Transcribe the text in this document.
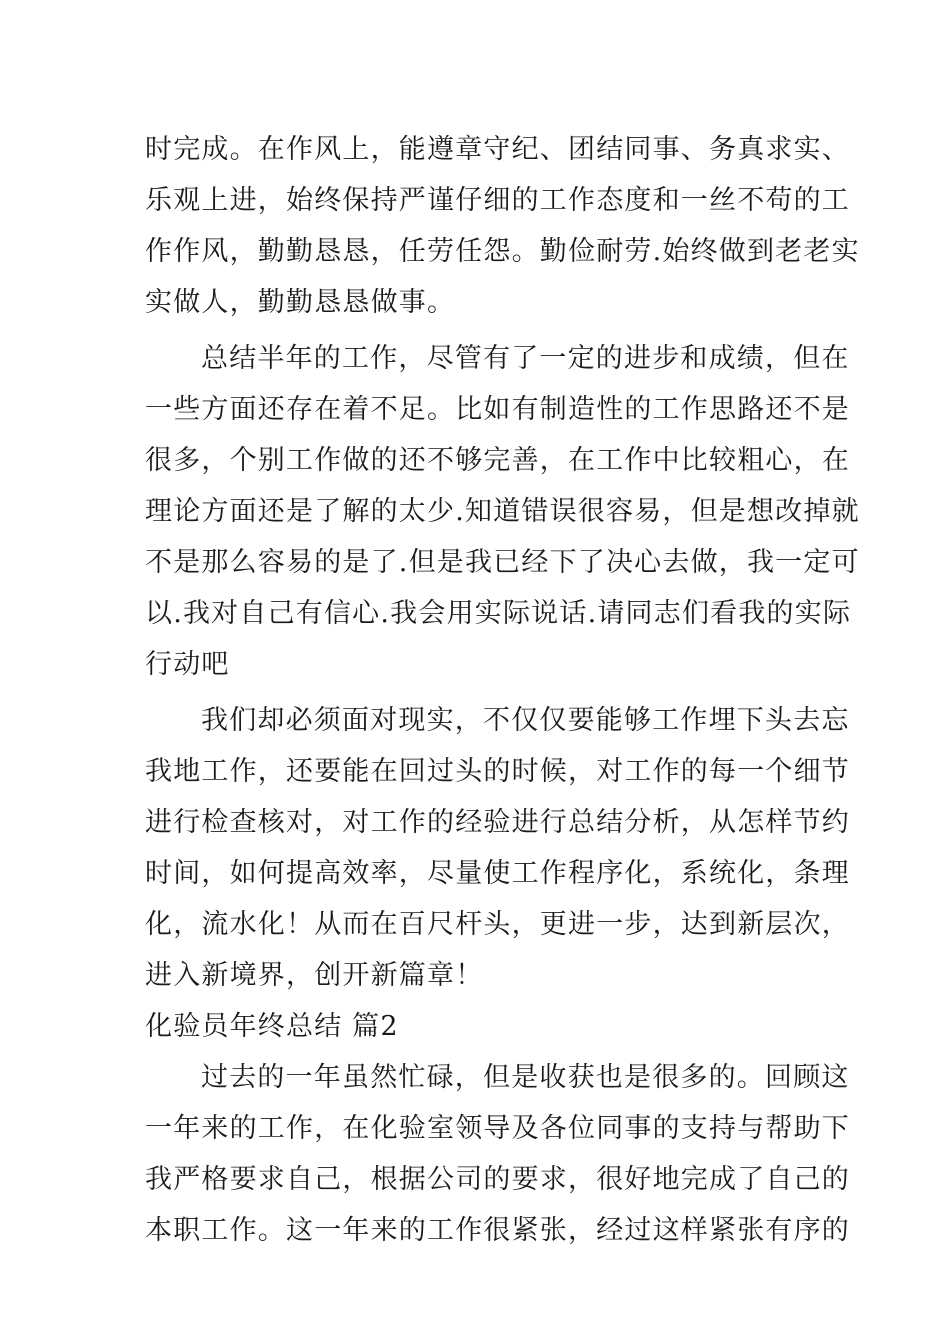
时完成。在作风上，能遵章守纪、团结同事、务真求实、
乐观上进，始终保持严谨仔细的工作态度和一丝不苟的工
作作风，勤勤恳恳，任劳任怨。勤俭耐劳.始终做到老老实
实做人，勤勤恳恳做事。
总结半年的工作，尽管有了一定的进步和成绩，但在
一些方面还存在着不足。比如有制造性的工作思路还不是
很多，个别工作做的还不够完善，在工作中比较粗心，在
理论方面还是了解的太少.知道错误很容易，但是想改掉就
不是那么容易的是了.但是我已经下了决心去做，我一定可
以.我对自己有信心.我会用实际说话.请同志们看我的实际
行动吧
我们却必须面对现实，不仅仅要能够工作埋下头去忘
我地工作，还要能在回过头的时候，对工作的每一个细节
进行检查核对，对工作的经验进行总结分析，从怎样节约
时间，如何提高效率，尽量使工作程序化，系统化，条理
化，流水化！从而在百尺杆头，更进一步，达到新层次，
进入新境界，创开新篇章！
化验员年终总结 篇2
过去的一年虽然忙碌，但是收获也是很多的。回顾这
一年来的工作，在化验室领导及各位同事的支持与帮助下
我严格要求自己，根据公司的要求，很好地完成了自己的
本职工作。这一年来的工作很紧张，经过这样紧张有序的
